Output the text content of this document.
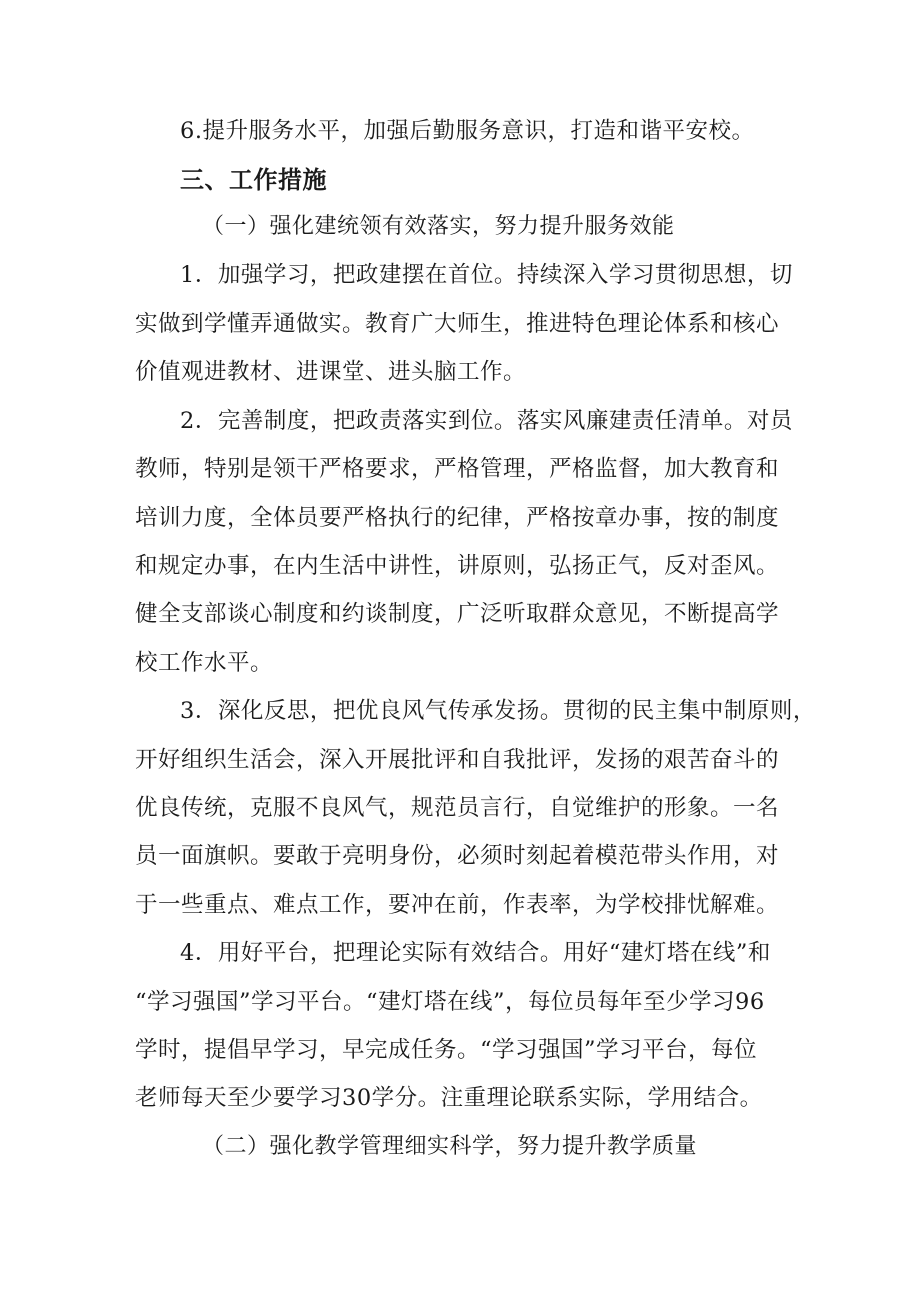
6.提升服务水平，加强后勤服务意识，打造和谐平安校。
三、工作措施
（一）强化建统领有效落实，努力提升服务效能
1．加强学习，把政建摆在首位。持续深入学习贯彻思想，切
实做到学懂弄通做实。教育广大师生，推进特色理论体系和核心
价值观进教材、进课堂、进头脑工作。
2．完善制度，把政责落实到位。落实风廉建责任清单。对员
教师，特别是领干严格要求，严格管理，严格监督，加大教育和
培训力度，全体员要严格执行的纪律，严格按章办事，按的制度
和规定办事，在内生活中讲性，讲原则，弘扬正气，反对歪风。
健全支部谈心制度和约谈制度，广泛听取群众意见，不断提高学
校工作水平。
3．深化反思，把优良风气传承发扬。贯彻的民主集中制原则，
开好组织生活会，深入开展批评和自我批评，发扬的艰苦奋斗的
优良传统，克服不良风气，规范员言行，自觉维护的形象。一名
员一面旗帜。要敢于亮明身份，必须时刻起着模范带头作用，对
于一些重点、难点工作，要冲在前，作表率，为学校排忧解难。
4．用好平台，把理论实际有效结合。用好“建灯塔在线”和
“学习强国”学习平台。“建灯塔在线”，每位员每年至少学习96
学时，提倡早学习，早完成任务。“学习强国”学习平台，每位
老师每天至少要学习30学分。注重理论联系实际，学用结合。
（二）强化教学管理细实科学，努力提升教学质量
